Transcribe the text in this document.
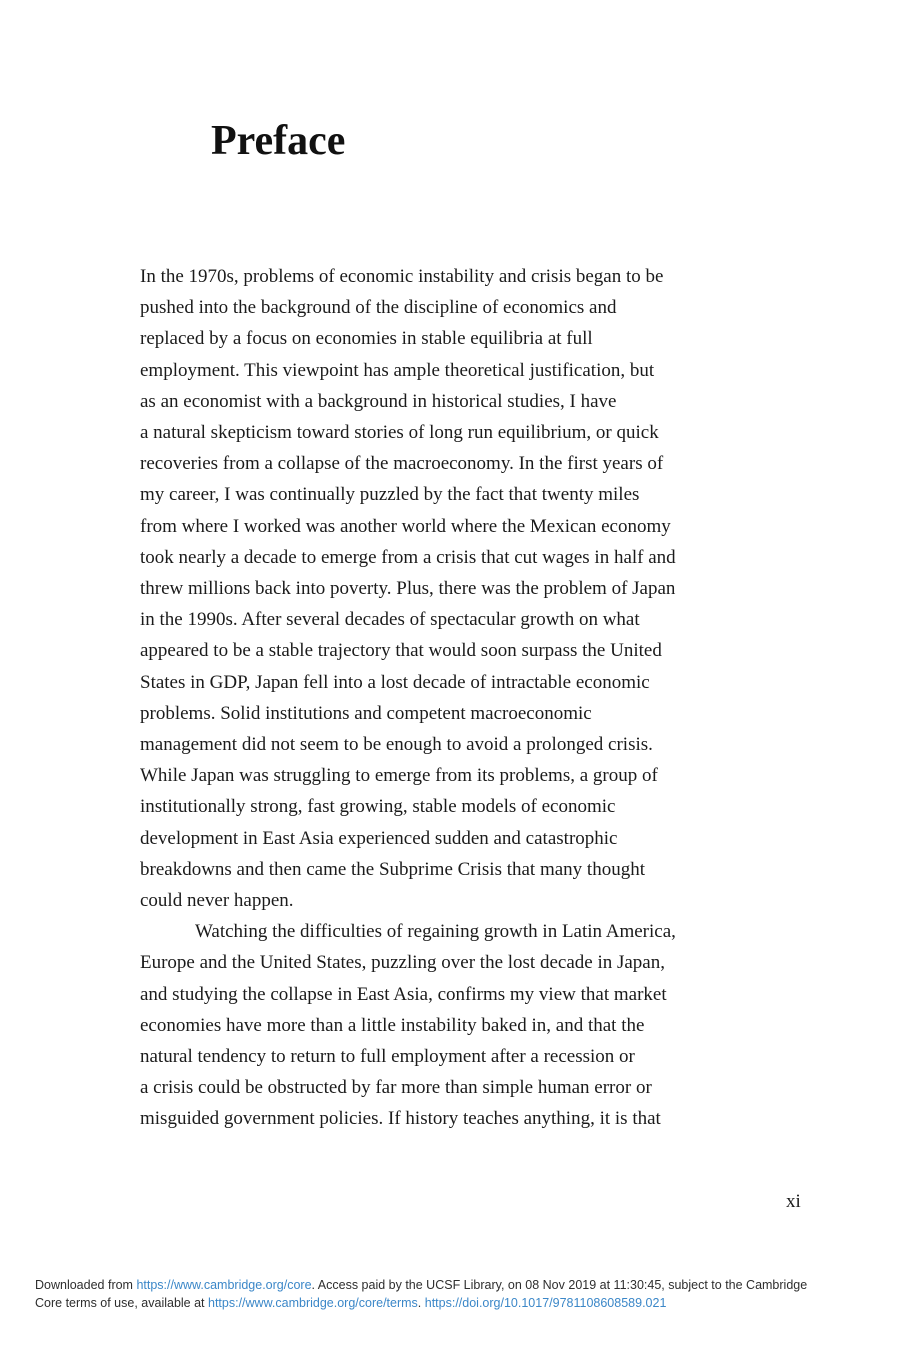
Preface
In the 1970s, problems of economic instability and crisis began to be
pushed into the background of the discipline of economics and
replaced by a focus on economies in stable equilibria at full
employment. This viewpoint has ample theoretical justification, but
as an economist with a background in historical studies, I have
a natural skepticism toward stories of long run equilibrium, or quick
recoveries from a collapse of the macroeconomy. In the first years of
my career, I was continually puzzled by the fact that twenty miles
from where I worked was another world where the Mexican economy
took nearly a decade to emerge from a crisis that cut wages in half and
threw millions back into poverty. Plus, there was the problem of Japan
in the 1990s. After several decades of spectacular growth on what
appeared to be a stable trajectory that would soon surpass the United
States in GDP, Japan fell into a lost decade of intractable economic
problems. Solid institutions and competent macroeconomic
management did not seem to be enough to avoid a prolonged crisis.
While Japan was struggling to emerge from its problems, a group of
institutionally strong, fast growing, stable models of economic
development in East Asia experienced sudden and catastrophic
breakdowns and then came the Subprime Crisis that many thought
could never happen.
Watching the difficulties of regaining growth in Latin America,
Europe and the United States, puzzling over the lost decade in Japan,
and studying the collapse in East Asia, confirms my view that market
economies have more than a little instability baked in, and that the
natural tendency to return to full employment after a recession or
a crisis could be obstructed by far more than simple human error or
misguided government policies. If history teaches anything, it is that
xi
Downloaded from https://www.cambridge.org/core. Access paid by the UCSF Library, on 08 Nov 2019 at 11:30:45, subject to the Cambridge
Core terms of use, available at https://www.cambridge.org/core/terms. https://doi.org/10.1017/9781108608589.021
